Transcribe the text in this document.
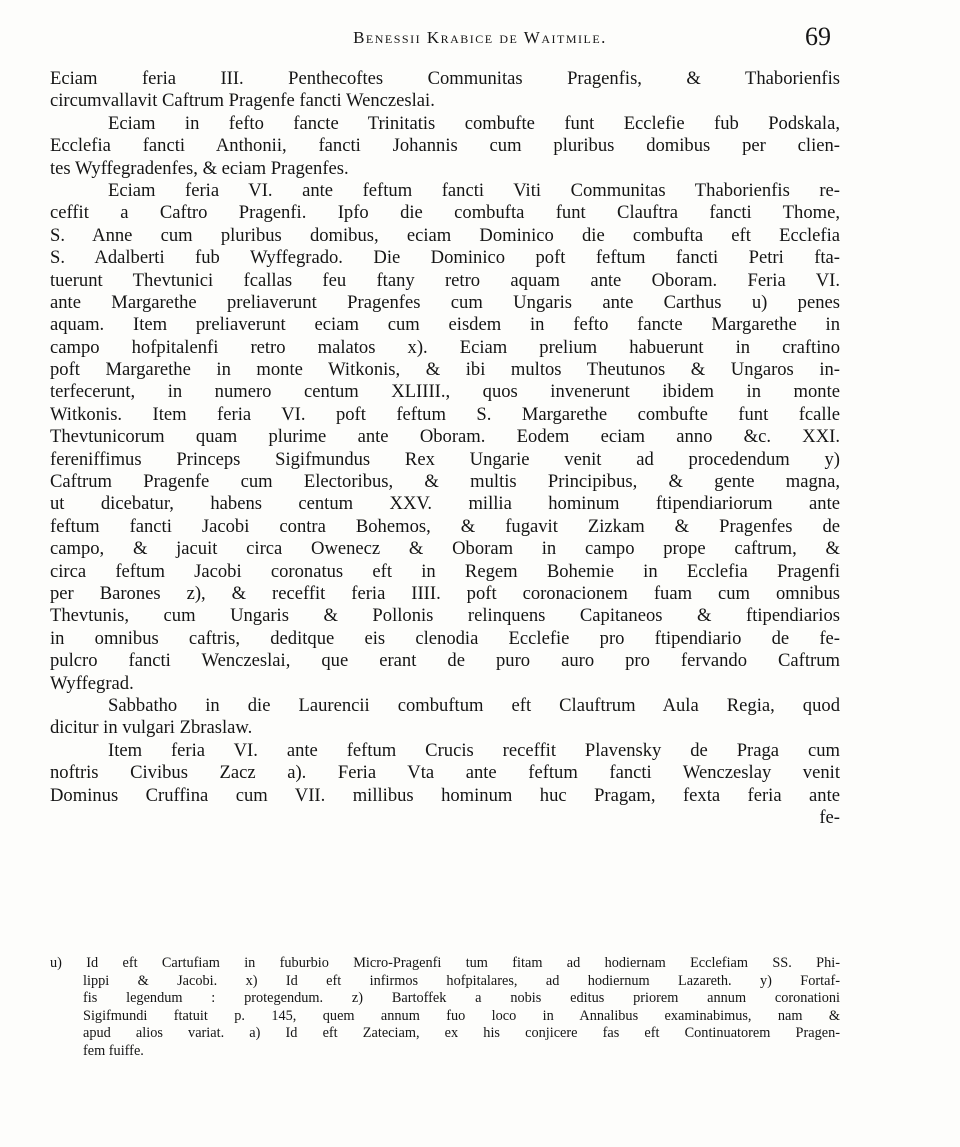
Benessii Krabice de Waitmile.	69
Eciam feria III. Penthecoftes Communitas Pragenfis, & Thaborienfis
circumvallavit Caftrum Pragenfe fancti Wenczeslai.
Eciam in fefto fancte Trinitatis combufte funt Ecclefie fub Podskala,
Ecclefia fancti Anthonii, fancti Johannis cum pluribus domibus per clien-
tes Wyffegradenfes, & eciam Pragenfes.
Eciam feria VI. ante feftum fancti Viti Communitas Thaborienfis re-
ceffit a Caftro Pragenfi. Ipfo die combufta funt Clauftra fancti Thome,
S. Anne cum pluribus domibus, eciam Dominico die combufta eft Ecclefia
S. Adalberti fub Wyffegrado. Die Dominico poft feftum fancti Petri fta-
tuerunt Thevtunici fcallas feu ftany retro aquam ante Oboram. Feria VI.
ante Margarethe preliaverunt Pragenfes cum Ungaris ante Carthus u) penes
aquam. Item preliaverunt eciam cum eisdem in fefto fancte Margarethe in
campo hofpitalenfi retro malatos x). Eciam prelium habuerunt in craftino
poft Margarethe in monte Witkonis, & ibi multos Theutunos & Ungaros in-
terfecerunt, in numero centum XLIIII., quos invenerunt ibidem in monte
Witkonis. Item feria VI. poft feftum S. Margarethe combufte funt fcalle
Thevtunicorum quam plurime ante Oboram. Eodem eciam anno &c. XXI.
fereniffimus Princeps Sigifmundus Rex Ungarie venit ad procedendum y)
Caftrum Pragenfe cum Electoribus, & multis Principibus, & gente magna,
ut dicebatur, habens centum XXV. millia hominum ftipendiariorum ante
feftum fancti Jacobi contra Bohemos, & fugavit Zizkam & Pragenfes de
campo, & jacuit circa Owenecz & Oboram in campo prope caftrum, &
circa feftum Jacobi coronatus eft in Regem Bohemie in Ecclefia Pragenfi
per Barones z), & receffit feria IIII. poft coronacionem fuam cum omnibus
Thevtunis, cum Ungaris & Pollonis relinquens Capitaneos & ftipendiarios
in omnibus caftris, deditque eis clenodia Ecclefie pro ftipendiario de fe-
pulcro fancti Wenczeslai, que erant de puro auro pro fervando Caftrum
Wyffegrad.
Sabbatho in die Laurencii combuftum eft Clauftrum Aula Regia, quod
dicitur in vulgari Zbraslaw.
Item feria VI. ante feftum Crucis receffit Plavensky de Praga cum
noftris Civibus Zacz a). Feria Vta ante feftum fancti Wenczeslay venit
Dominus Cruffina cum VII. millibus hominum huc Pragam, fexta feria ante
fe-
u) Id eft Cartufiam in fuburbio Micro-Pragenfi tum fitam ad hodiernam Ecclefiam SS. Phi-
lippi & Jacobi. x) Id eft infirmos hofpitalares, ad hodiernum Lazareth. y) Fortaf-
fis legendum : protegendum. z) Bartoffek a nobis editus priorem annum coronationi
Sigifmundi ftatuit p. 145, quem annum fuo loco in Annalibus examinabimus, nam &
apud alios variat. a) Id eft Zateciam, ex his conjicere fas eft Continuatorem Pragen-
fem fuiffe.
